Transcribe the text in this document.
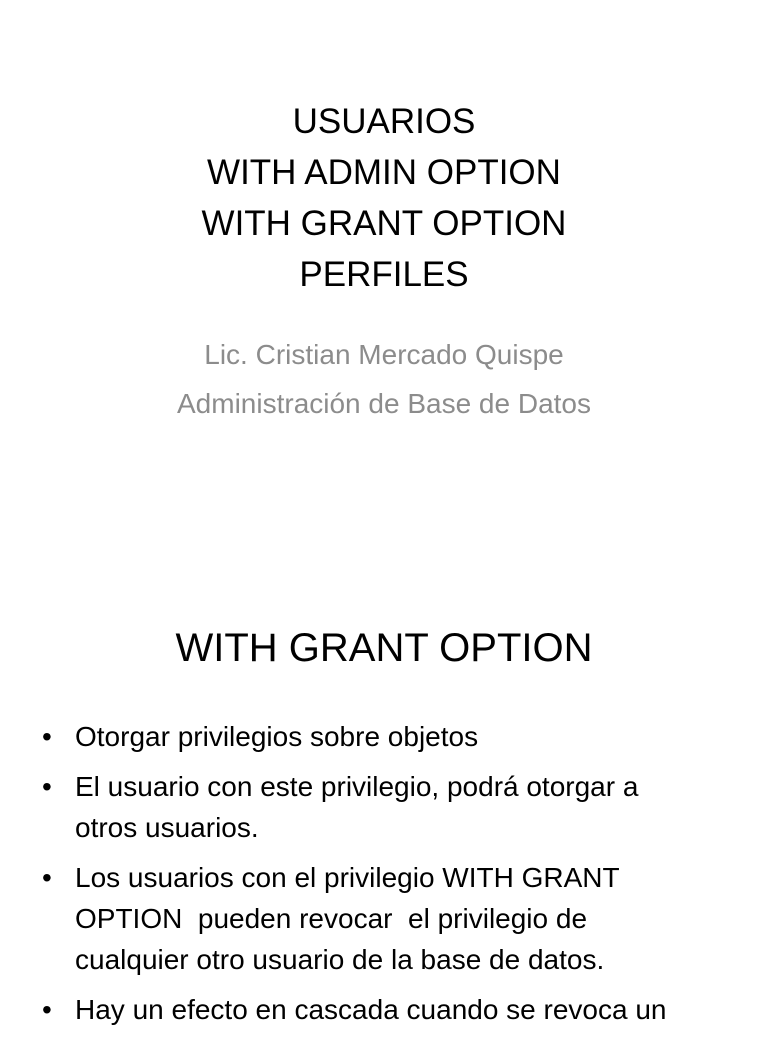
USUARIOS
WITH ADMIN OPTION
WITH GRANT OPTION
PERFILES
Lic. Cristian Mercado Quispe
Administración de Base de Datos
WITH GRANT OPTION
• Otorgar privilegios sobre objetos
• El usuario con este privilegio, podrá otorgar a
otros usuarios.
• Los usuarios con el privilegio WITH GRANT
OPTION  pueden revocar  el privilegio de
cualquier otro usuario de la base de datos.
• Hay un efecto en cascada cuando se revoca un
